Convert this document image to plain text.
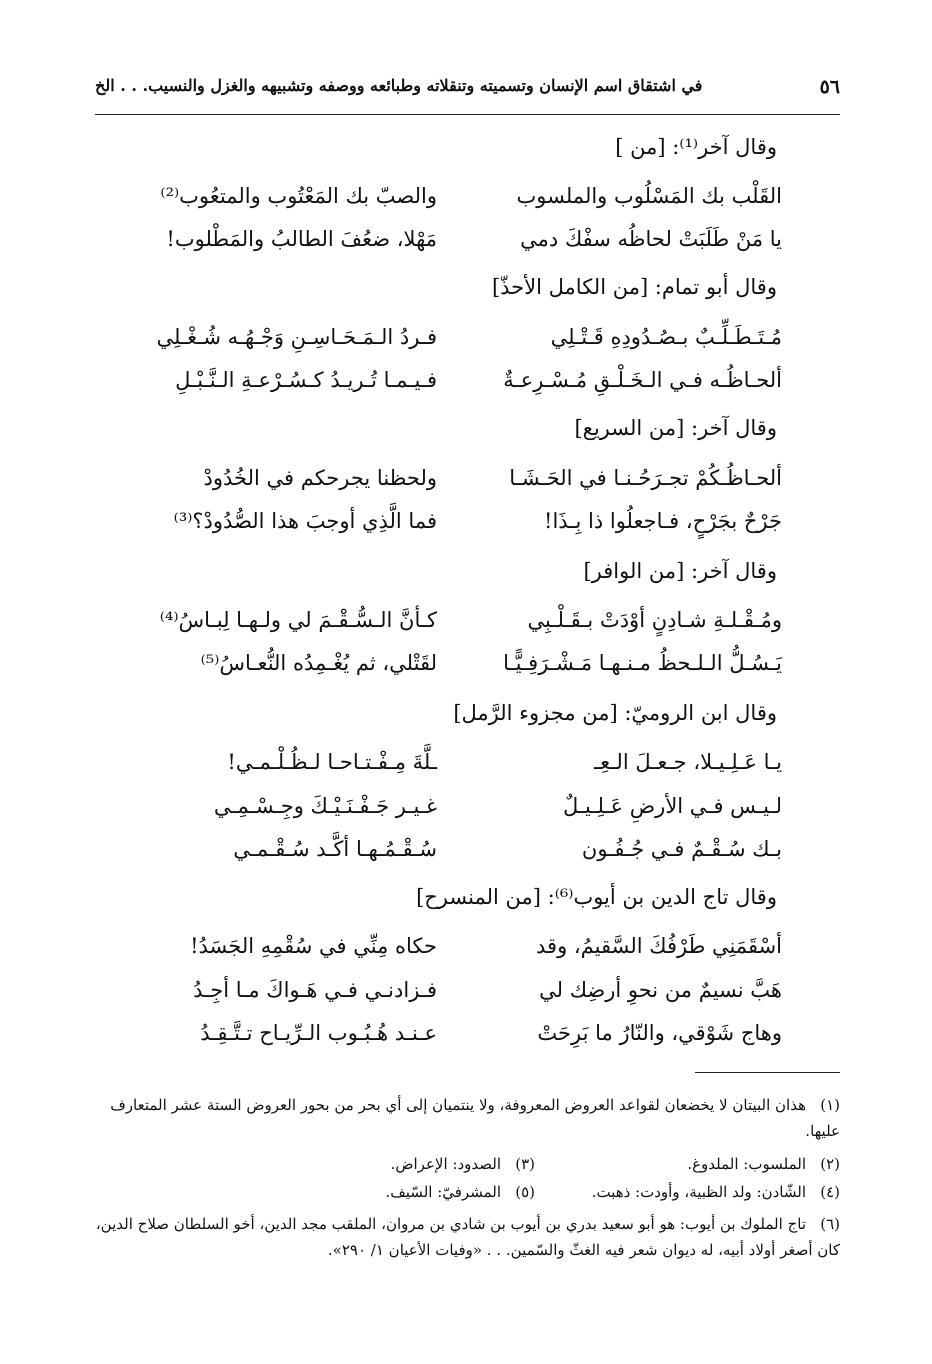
٥٦
في اشتقاق اسم الإنسان وتسميته وتنقلاته وطبائعه ووصفه وتشبيهه والغزل والنسيب. . . الخ
وقال آخر⁽¹⁾: [من ]
القَلْب بك المَسْلُوب والملسوب
والصبّ بك المَعْتُوب والمتعُوب⁽²⁾
يا مَنْ طَلَبَتْ لحاظُه سفْكَ دمي
مَهْلا، ضعُفَ الطالبُ والمَطْلوب!
وقال أبو تمام: [من الكامل الأحذّ]
مُـتَـطَـلِّـبٌ بـصُـدُودِهِ قَـتْـلِي
فـردُ الـمَـحَـاسِـنِ وَجْـهُـه شُـغْـلِي
ألحـاظُـه فـي الـخَـلْـقِ مُـسْـرِعـةٌ
فـيـمـا تُـريـدُ كـسُـرْعـةِ الـنَّـبْـلِ
وقال آخر: [من السريع]
ألحـاظُـكُمْ تجـرَحُـنـا في الحَـشَـا
ولحظنا يجرحكم في الخُدُودْ
جَرْحٌ بجَرْحٍ، فـاجعلُوا ذا بِـذَا!
فما الَّذِي أوجبَ هذا الصُّدُودْ؟⁽³⁾
وقال آخر: [من الوافر]
ومُـقْـلـةِ شـادِنٍ أوْدَتْ بـقَـلْـبِي
كـأنَّ الـسُّـقْـمَ لي ولـهـا لِبـاسُ⁽⁴⁾
يَـسُـلُّ الـلـحظُ مـنـهـا مَـشْـرَفِـيًّـا
لقَتْلي، ثم يُغْـمِدُه النُّعـاسُ⁽⁵⁾
وقال ابن الروميّ: [من مجزوء الرَّمل]
يـا عَـلِـيـلا، جـعـلَ الـعِـ
ـلَّةَ مِـفْـتـاحـا لـظُـلْـمـي!
لـيـس فـي الأرضِ عَـلِـيـلٌ
غـيـر جَـفْـنَـيْـكَ وجِـسْـمِـي
بـك سُـقْـمٌ فـي جُـفُـون
سُـقْـمُـهـا أكَّـد سُـقْـمـي
وقال تاج الدين بن أيوب⁽⁶⁾: [من المنسرح]
أسْقَمَنِي طَرْفُكَ السَّقيمُ، وقد
حكاه مِنِّي في سُقْمِهِ الجَسَدُ!
هَبَّ نسيمٌ من نحوِ أرضِك لي
فـزادنـي فـي هَـواكَ مـا أجِـدُ
وهاج شَوْقي، والنّارُ ما بَرِحَتْ
عـنـد هُـبُـوب الـرِّيـاح تـتَّـقِـدُ
(١)هذان البيتان لا يخضعان لقواعد العروض المعروفة، ولا ينتميان إلى أي بحر من بحور العروض الستة عشر المتعارف عليها.
(٢)الملسوب: الملدوغ.
(٣)الصدود: الإعراض.
(٤)الشّادن: ولد الظبية، وأودت: ذهبت.
(٥)المشرفيّ: السّيف.
(٦)تاج الملوك بن أيوب: هو أبو سعيد بدري بن أيوب بن شادي بن مروان، الملقب مجد الدين، أخو السلطان صلاح الدين، كان أصغر أولاد أبيه، له ديوان شعر فيه الغثّ والسّمين. . . «وفيات الأعيان ١/ ٢٩٠».
